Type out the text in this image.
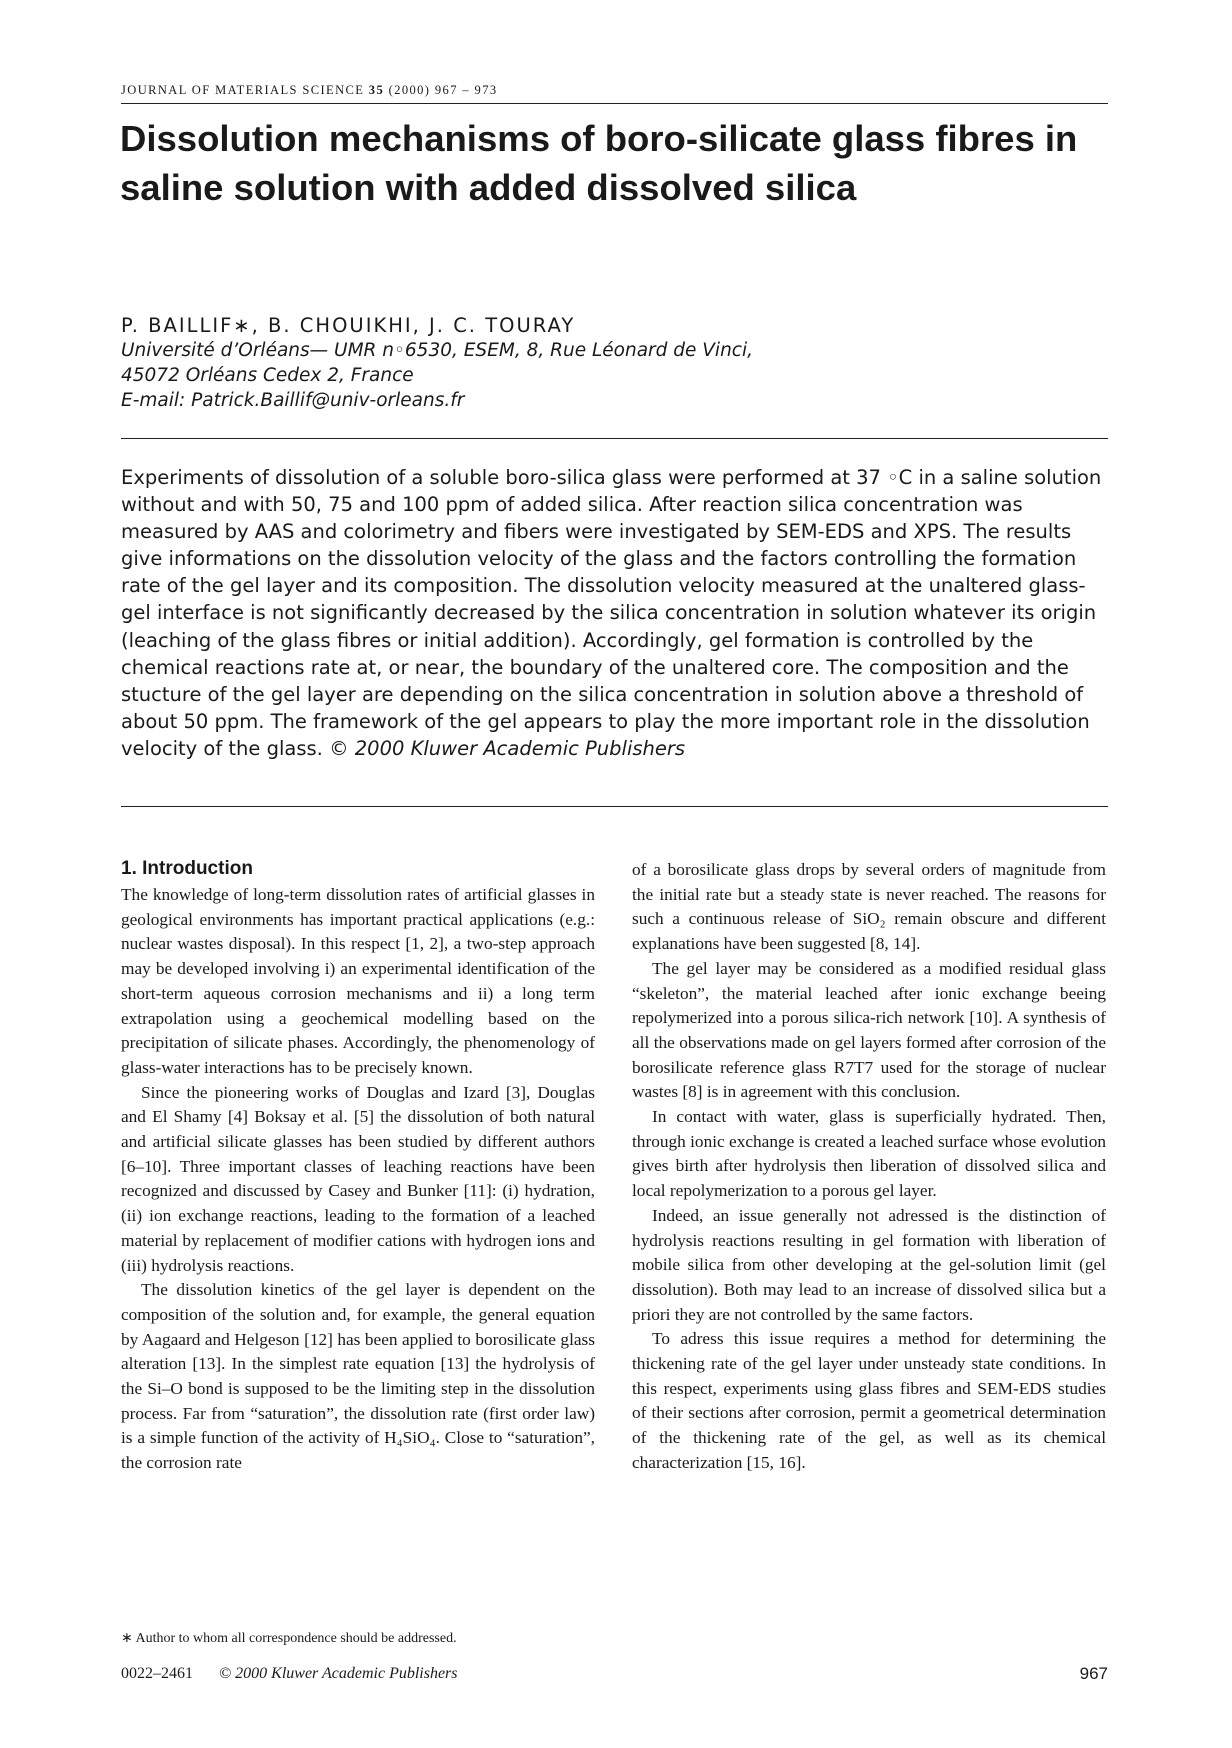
JOURNAL OF MATERIALS SCIENCE 35 (2000) 967 – 973
Dissolution mechanisms of boro-silicate glass fibres in saline solution with added dissolved silica
P. BAILLIF∗, B. CHOUIKHI, J. C. TOURAY
Université d’Orléans— UMR n◦6530, ESEM, 8, Rue Léonard de Vinci,
45072 Orléans Cedex 2, France
E-mail: Patrick.Baillif@univ-orleans.fr

Experiments of dissolution of a soluble boro-silica glass were performed at 37 ◦C in a saline solution without and with 50, 75 and 100 ppm of added silica. After reaction silica concentration was measured by AAS and colorimetry and fibers were investigated by SEM-EDS and XPS. The results give informations on the dissolution velocity of the glass and the factors controlling the formation rate of the gel layer and its composition. The dissolution velocity measured at the unaltered glass-gel interface is not significantly decreased by the silica concentration in solution whatever its origin (leaching of the glass fibres or initial addition). Accordingly, gel formation is controlled by the chemical reactions rate at, or near, the boundary of the unaltered core. The composition and the stucture of the gel layer are depending on the silica concentration in solution above a threshold of about 50 ppm. The framework of the gel appears to play the more important role in the dissolution velocity of the glass. © 2000 Kluwer Academic Publishers

1. Introduction

The knowledge of long-term dissolution rates of artificial glasses in geological environments has important practical applications (e.g.: nuclear wastes disposal). In this respect [1, 2], a two-step approach may be developed involving i) an experimental identification of the short-term aqueous corrosion mechanisms and ii) a long term extrapolation using a geochemical modelling based on the precipitation of silicate phases. Accordingly, the phenomenology of glass-water interactions has to be precisely known.

Since the pioneering works of Douglas and Izard [3], Douglas and El Shamy [4] Boksay et al. [5] the dissolution of both natural and artificial silicate glasses has been studied by different authors [6–10]. Three important classes of leaching reactions have been recognized and discussed by Casey and Bunker [11]: (i) hydration, (ii) ion exchange reactions, leading to the formation of a leached material by replacement of modifier cations with hydrogen ions and (iii) hydrolysis reactions.

The dissolution kinetics of the gel layer is dependent on the composition of the solution and, for example, the general equation by Aagaard and Helgeson [12] has been applied to borosilicate glass alteration [13]. In the simplest rate equation [13] the hydrolysis of the Si–O bond is supposed to be the limiting step in the dissolution process. Far from “saturation”, the dissolution rate (first order law) is a simple function of the activity of H₄SiO₄. Close to “saturation”, the corrosion rate

of a borosilicate glass drops by several orders of magnitude from the initial rate but a steady state is never reached. The reasons for such a continuous release of SiO₂ remain obscure and different explanations have been suggested [8, 14].

The gel layer may be considered as a modified residual glass “skeleton”, the material leached after ionic exchange beeing repolymerized into a porous silica-rich network [10]. A synthesis of all the observations made on gel layers formed after corrosion of the borosilicate reference glass R7T7 used for the storage of nuclear wastes [8] is in agreement with this conclusion.

In contact with water, glass is superficially hydrated. Then, through ionic exchange is created a leached surface whose evolution gives birth after hydrolysis then liberation of dissolved silica and local repolymerization to a porous gel layer.

Indeed, an issue generally not adressed is the distinction of hydrolysis reactions resulting in gel formation with liberation of mobile silica from other developing at the gel-solution limit (gel dissolution). Both may lead to an increase of dissolved silica but a priori they are not controlled by the same factors.

To adress this issue requires a method for determining the thickening rate of the gel layer under unsteady state conditions. In this respect, experiments using glass fibres and SEM-EDS studies of their sections after corrosion, permit a geometrical determination of the thickening rate of the gel, as well as its chemical characterization [15, 16].

∗ Author to whom all correspondence should be addressed.
0022–2461 © 2000 Kluwer Academic Publishers	967
